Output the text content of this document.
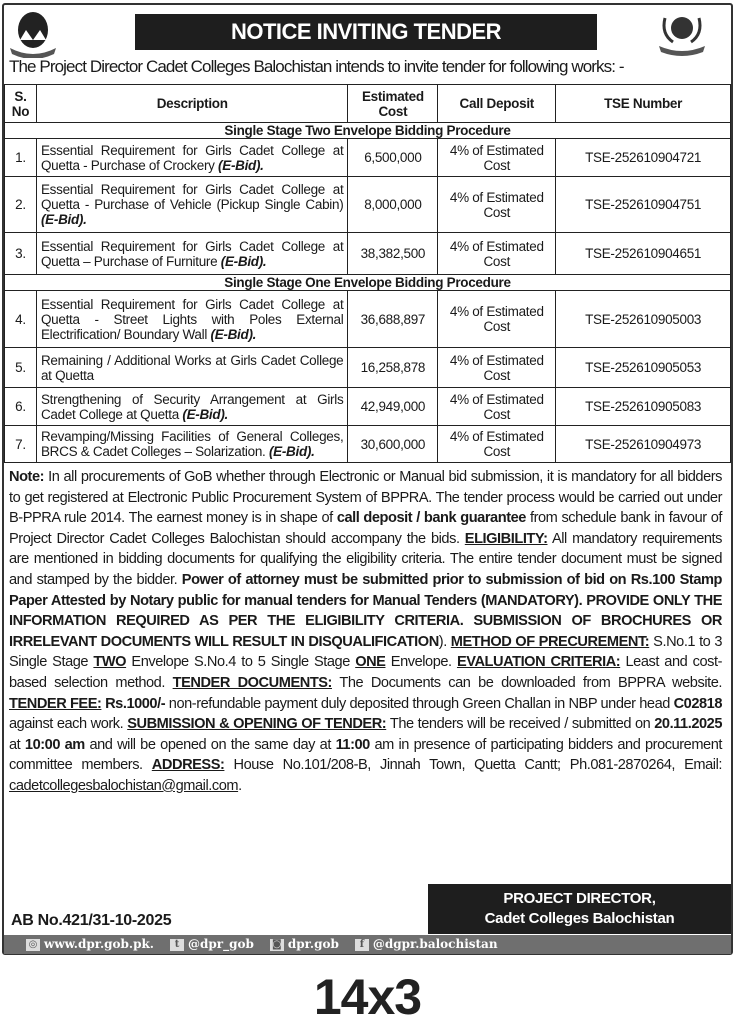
NOTICE INVITING TENDER
The Project Director Cadet Colleges Balochistan intends to invite tender for following works: -
S. No	Description	Estimated Cost	Call Deposit	TSE Number
Single Stage Two Envelope Bidding Procedure				
1.	Essential Requirement for Girls Cadet College at Quetta - Purchase of Crockery (E-Bid).	6,500,000	4% of Estimated Cost	TSE-252610904721
2.	Essential Requirement for Girls Cadet College at Quetta - Purchase of Vehicle (Pickup Single Cabin) (E-Bid).	8,000,000	4% of Estimated Cost	TSE-252610904751
3.	Essential Requirement for Girls Cadet College at Quetta – Purchase of Furniture (E-Bid).	38,382,500	4% of Estimated Cost	TSE-252610904651
Single Stage One Envelope Bidding Procedure				
4.	Essential Requirement for Girls Cadet College at Quetta - Street Lights with Poles External Electrification/ Boundary Wall (E-Bid).	36,688,897	4% of Estimated Cost	TSE-252610905003
5.	Remaining / Additional Works at Girls Cadet College at Quetta	16,258,878	4% of Estimated Cost	TSE-252610905053
6.	Strengthening of Security Arrangement at Girls Cadet College at Quetta (E-Bid).	42,949,000	4% of Estimated Cost	TSE-252610905083
7.	Revamping/Missing Facilities of General Colleges, BRCS & Cadet Colleges – Solarization. (E-Bid).	30,600,000	4% of Estimated Cost	TSE-252610904973
Note: In all procurements of GoB whether through Electronic or Manual bid submission, it is mandatory for all bidders to get registered at Electronic Public Procurement System of BPPRA. The tender process would be carried out under B-PPRA rule 2014. The earnest money is in shape of call deposit / bank guarantee from schedule bank in favour of Project Director Cadet Colleges Balochistan should accompany the bids. ELIGIBILITY: All mandatory requirements are mentioned in bidding documents for qualifying the eligibility criteria. The entire tender document must be signed and stamped by the bidder. Power of attorney must be submitted prior to submission of bid on Rs.100 Stamp Paper Attested by Notary public for manual tenders for Manual Tenders (MANDATORY). PROVIDE ONLY THE INFORMATION REQUIRED AS PER THE ELIGIBILITY CRITERIA. SUBMISSION OF BROCHURES OR IRRELEVANT DOCUMENTS WILL RESULT IN DISQUALIFICATION). METHOD OF PRECUREMENT: S.No.1 to 3 Single Stage TWO Envelope S.No.4 to 5 Single Stage ONE Envelope. EVALUATION CRITERIA: Least and cost-based selection method. TENDER DOCUMENTS: The Documents can be downloaded from BPPRA website. TENDER FEE: Rs.1000/- non-refundable payment duly deposited through Green Challan in NBP under head C02818 against each work. SUBMISSION & OPENING OF TENDER: The tenders will be received / submitted on 20.11.2025 at 10:00 am and will be opened on the same day at 11:00 am in presence of participating bidders and procurement committee members. ADDRESS: House No.101/208-B, Jinnah Town, Quetta Cantt; Ph.081-2870264, Email: cadetcollegesbalochistan@gmail.com.
AB No.421/31-10-2025
PROJECT DIRECTOR,
Cadet Colleges Balochistan
◎ www.dpr.gob.pk.	t @dpr_gob ◙ dpr.gob	f @dgpr.balochistan
14x3
